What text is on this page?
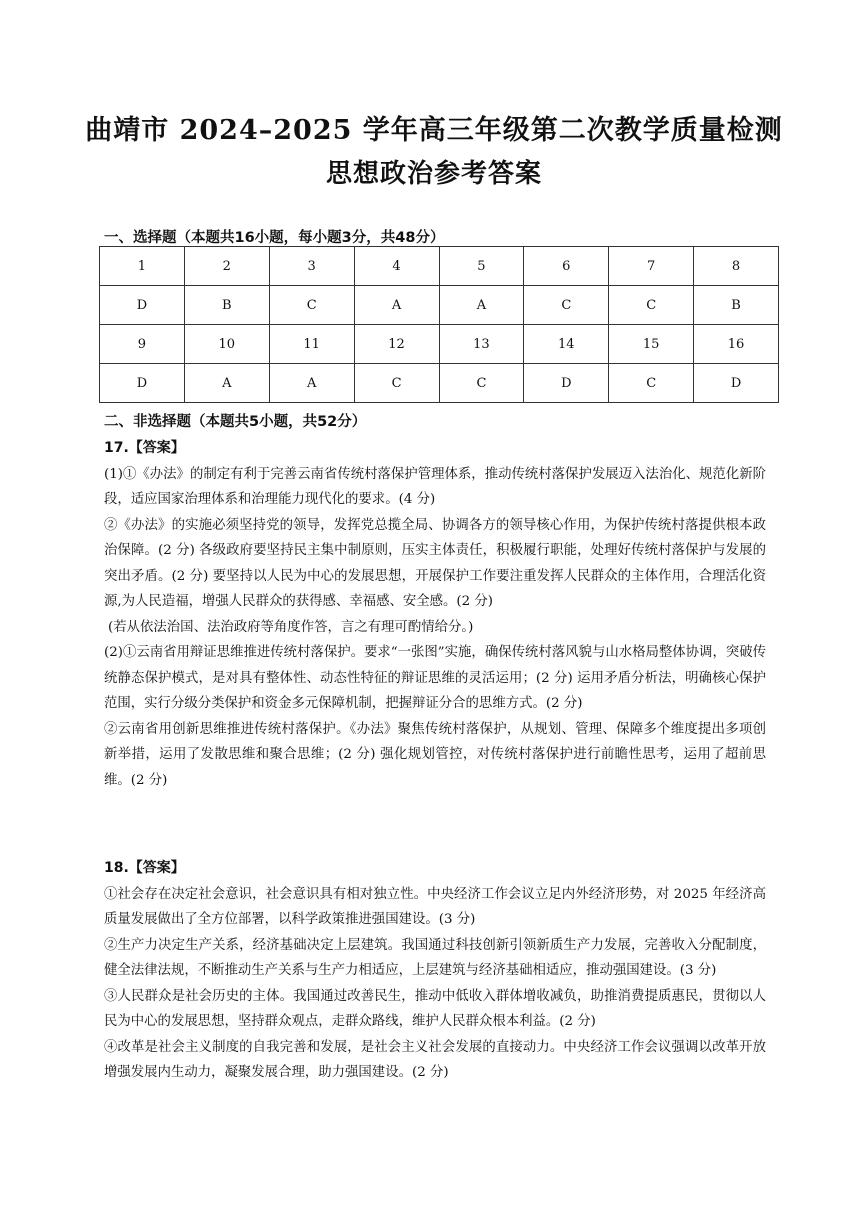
曲靖市 2024–2025 学年高三年级第二次教学质量检测
思想政治参考答案
一、选择题（本题共16小题，每小题3分，共48分）
1	2	3	4	5	6	7	8
D	B	C	A	A	C	C	B
9	10	11	12	13	14	15	16
D	A	A	C	C	D	C	D
二、非选择题（本题共5小题，共52分）
17.【答案】
(1)①《办法》的制定有利于完善云南省传统村落保护管理体系，推动传统村落保护发展迈入法治化、规范化新阶段，适应国家治理体系和治理能力现代化的要求。(4 分)
②《办法》的实施必须坚持党的领导，发挥党总揽全局、协调各方的领导核心作用，为保护传统村落提供根本政治保障。(2 分) 各级政府要坚持民主集中制原则，压实主体责任，积极履行职能，处理好传统村落保护与发展的突出矛盾。(2 分) 要坚持以人民为中心的发展思想，开展保护工作要注重发挥人民群众的主体作用，合理活化资源,为人民造福，增强人民群众的获得感、幸福感、安全感。(2 分)
(若从依法治国、法治政府等角度作答，言之有理可酌情给分。)
(2)①云南省用辩证思维推进传统村落保护。要求“一张图”实施，确保传统村落风貌与山水格局整体协调，突破传统静态保护模式，是对具有整体性、动态性特征的辩证思维的灵活运用；(2 分) 运用矛盾分析法，明确核心保护范围，实行分级分类保护和资金多元保障机制，把握辩证分合的思维方式。(2 分)
②云南省用创新思维推进传统村落保护。《办法》聚焦传统村落保护，从规划、管理、保障多个维度提出多项创新举措，运用了发散思维和聚合思维；(2 分) 强化规划管控，对传统村落保护进行前瞻性思考，运用了超前思维。(2 分)
18.【答案】
①社会存在决定社会意识，社会意识具有相对独立性。中央经济工作会议立足内外经济形势，对 2025 年经济高质量发展做出了全方位部署，以科学政策推进强国建设。(3 分)
②生产力决定生产关系，经济基础决定上层建筑。我国通过科技创新引领新质生产力发展，完善收入分配制度，健全法律法规，不断推动生产关系与生产力相适应，上层建筑与经济基础相适应，推动强国建设。(3 分)
③人民群众是社会历史的主体。我国通过改善民生，推动中低收入群体增收减负，助推消费提质惠民，贯彻以人民为中心的发展思想，坚持群众观点，走群众路线，维护人民群众根本利益。(2 分)
④改革是社会主义制度的自我完善和发展，是社会主义社会发展的直接动力。中央经济工作会议强调以改革开放增强发展内生动力，凝聚发展合理，助力强国建设。(2 分)
